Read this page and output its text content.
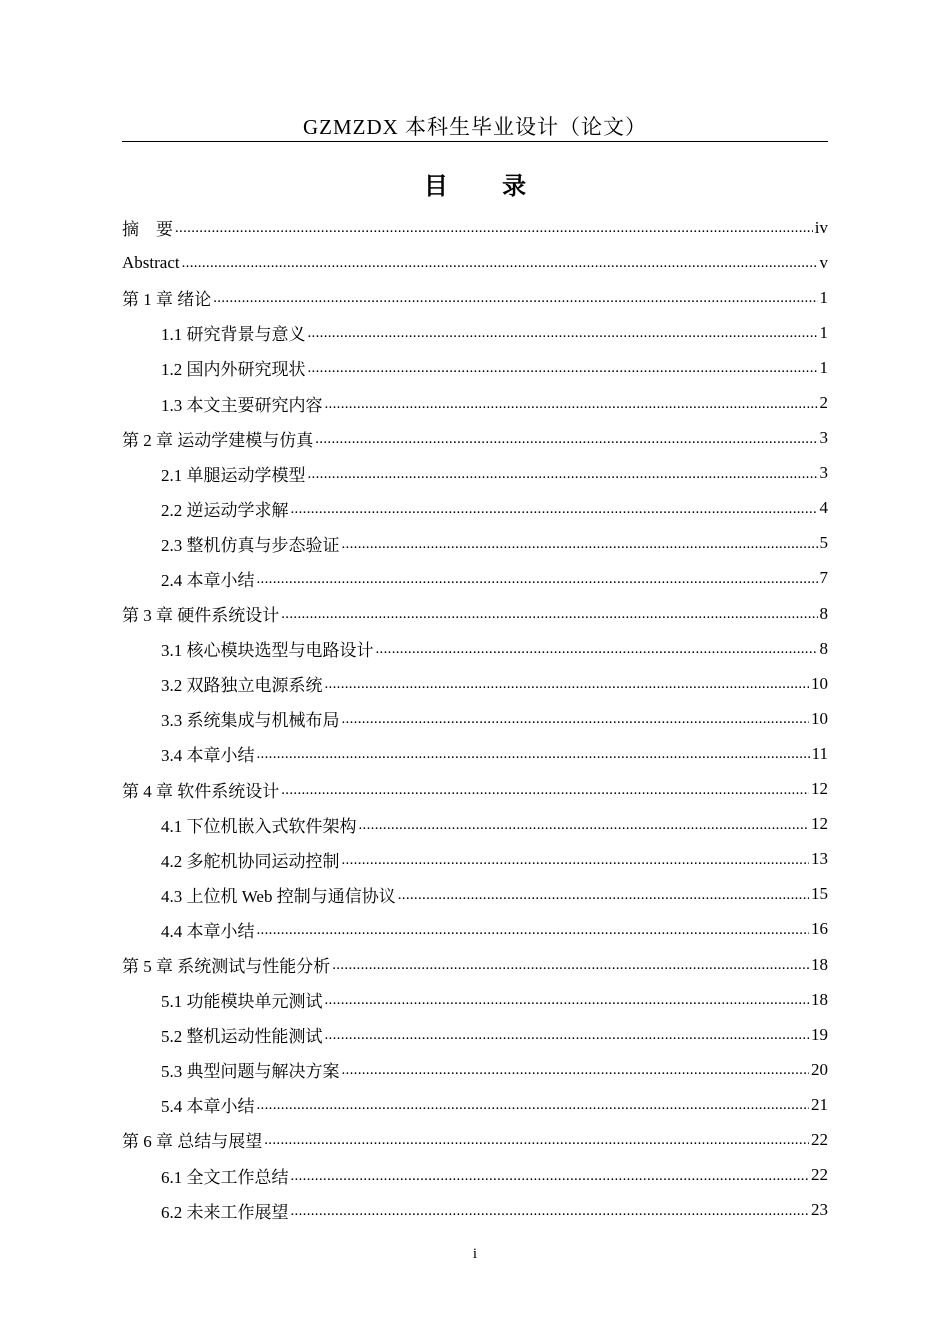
GZMZDX 本科生毕业设计（论文）
目 录
摘　要 .....	iv
Abstract .....	v
第 1 章 绪论 .....	1
1.1 研究背景与意义 .....	1
1.2 国内外研究现状 .....	1
1.3 本文主要研究内容 .....	2
第 2 章 运动学建模与仿真 .....	3
2.1 单腿运动学模型 .....	3
2.2 逆运动学求解 .....	4
2.3 整机仿真与步态验证 .....	5
2.4 本章小结 .....	7
第 3 章 硬件系统设计 .....	8
3.1 核心模块选型与电路设计 .....	8
3.2 双路独立电源系统 .....	10
3.3 系统集成与机械布局 .....	10
3.4 本章小结 .....	11
第 4 章 软件系统设计 .....	12
4.1 下位机嵌入式软件架构 .....	12
4.2 多舵机协同运动控制 .....	13
4.3 上位机 Web 控制与通信协议 .....	15
4.4 本章小结 .....	16
第 5 章 系统测试与性能分析 .....	18
5.1 功能模块单元测试 .....	18
5.2 整机运动性能测试 .....	19
5.3 典型问题与解决方案 .....	20
5.4 本章小结 .....	21
第 6 章 总结与展望 .....	22
6.1 全文工作总结 .....	22
6.2 未来工作展望 .....	23
i
